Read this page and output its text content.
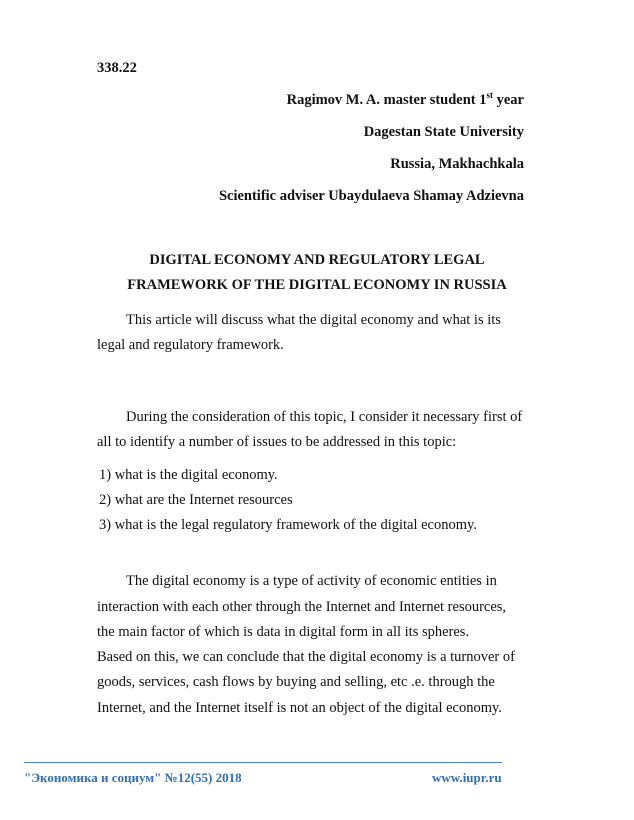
338.22
Ragimov M. A. master student 1st year
Dagestan State University
Russia, Makhachkala
Scientific adviser Ubaydulaeva Shamay Adzievna
DIGITAL ECONOMY AND REGULATORY LEGAL
FRAMEWORK OF THE DIGITAL ECONOMY IN RUSSIA
This article will discuss what the digital economy and what is its
legal and regulatory framework.
During the consideration of this topic, I consider it necessary first of
all to identify a number of issues to be addressed in this topic:
1) what is the digital economy.
2) what are the Internet resources
3) what is the legal regulatory framework of the digital economy.
The digital economy is a type of activity of economic entities in
interaction with each other through the Internet and Internet resources,
the main factor of which is data in digital form in all its spheres.
Based on this, we can conclude that the digital economy is a turnover of
goods, services, cash flows by buying and selling, etc .e. through the
Internet, and the Internet itself is not an object of the digital economy.
"Экономика и социум" №12(55) 2018	www.iupr.ru
